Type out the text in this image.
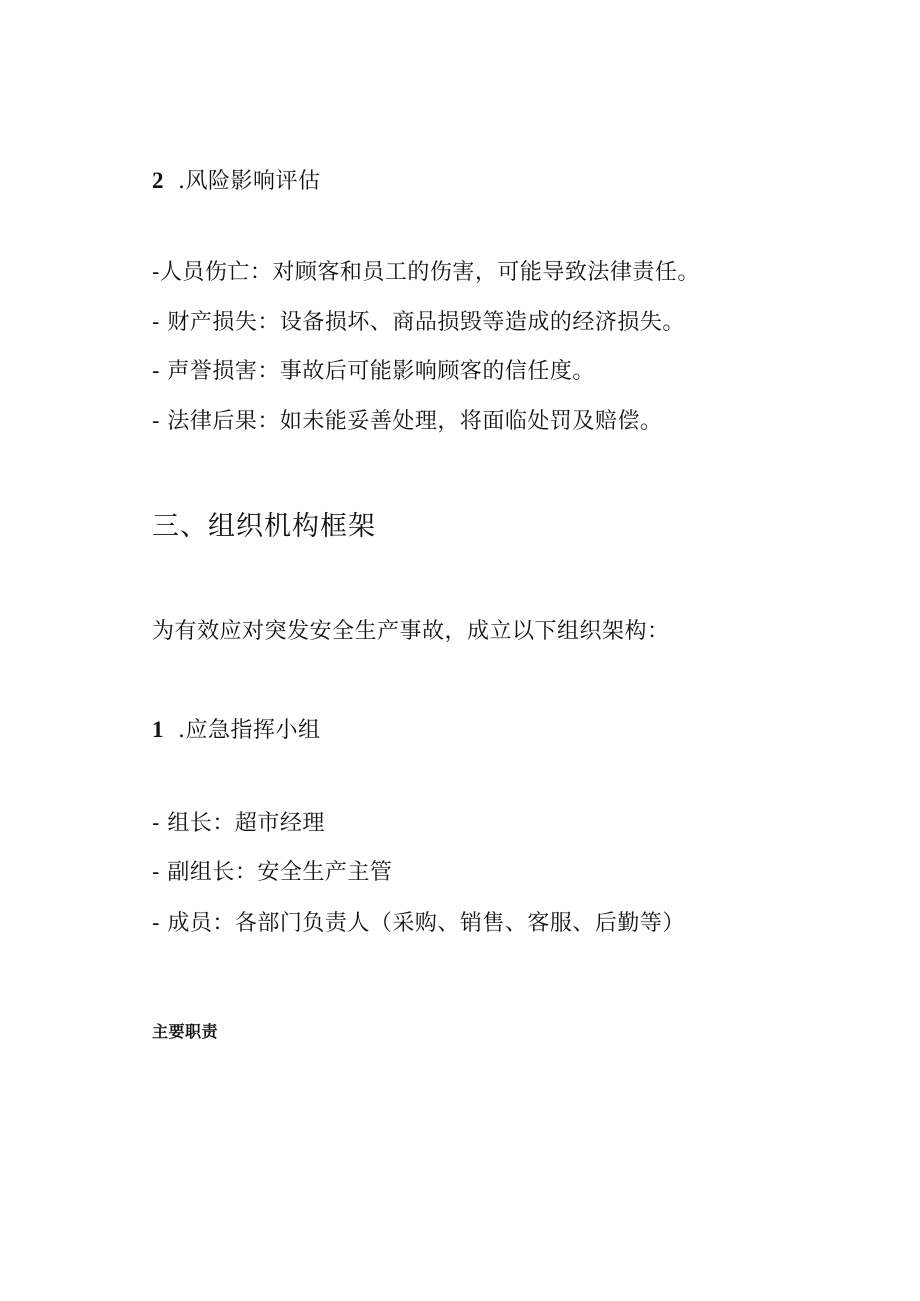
2 .风险影响评估
-人员伤亡：对顾客和员工的伤害，可能导致法律责任。
- 财产损失：设备损坏、商品损毁等造成的经济损失。
- 声誉损害：事故后可能影响顾客的信任度。
- 法律后果：如未能妥善处理，将面临处罚及赔偿。
三、组织机构框架
为有效应对突发安全生产事故，成立以下组织架构：
1 .应急指挥小组
- 组长：超市经理
- 副组长：安全生产主管
- 成员：各部门负责人（采购、销售、客服、后勤等）
主要职责
